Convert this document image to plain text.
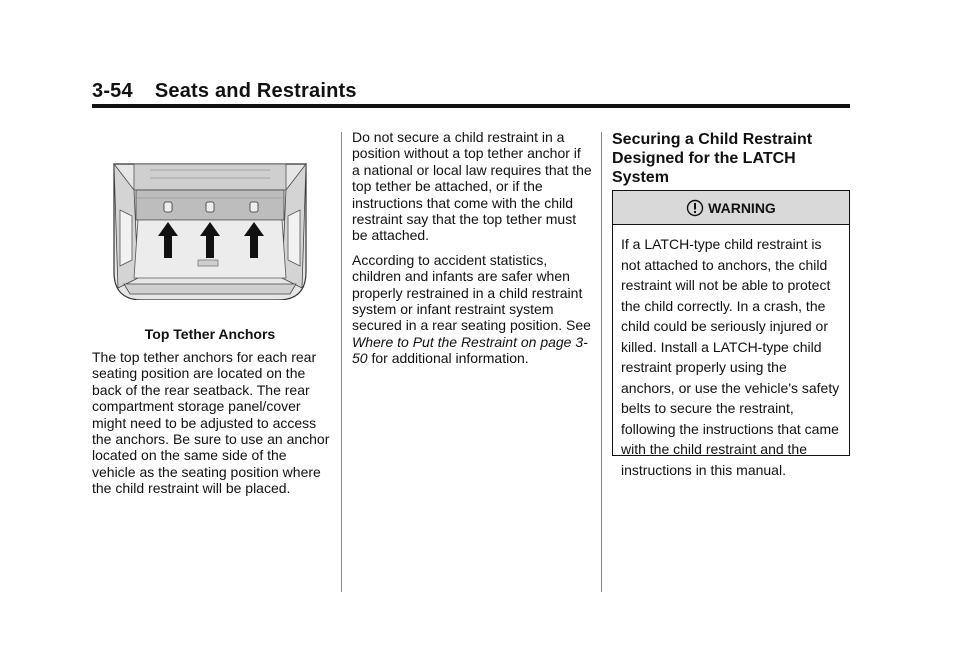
3-54 Seats and Restraints
Top Tether Anchors
The top tether anchors for each rear seating position are located on the back of the rear seatback. The rear compartment storage panel/cover might need to be adjusted to access the anchors. Be sure to use an anchor located on the same side of the vehicle as the seating position where the child restraint will be placed.

Do not secure a child restraint in a position without a top tether anchor if a national or local law requires that the top tether be attached, or if the instructions that come with the child restraint say that the top tether must be attached.

According to accident statistics, children and infants are safer when properly restrained in a child restraint system or infant restraint system secured in a rear seating position. See Where to Put the Restraint on page 3-50 for additional information.

Securing a Child Restraint Designed for the LATCH System
WARNING
If a LATCH-type child restraint is not attached to anchors, the child restraint will not be able to protect the child correctly. In a crash, the child could be seriously injured or killed. Install a LATCH-type child restraint properly using the anchors, or use the vehicle's safety belts to secure the restraint, following the instructions that came with the child restraint and the instructions in this manual.
